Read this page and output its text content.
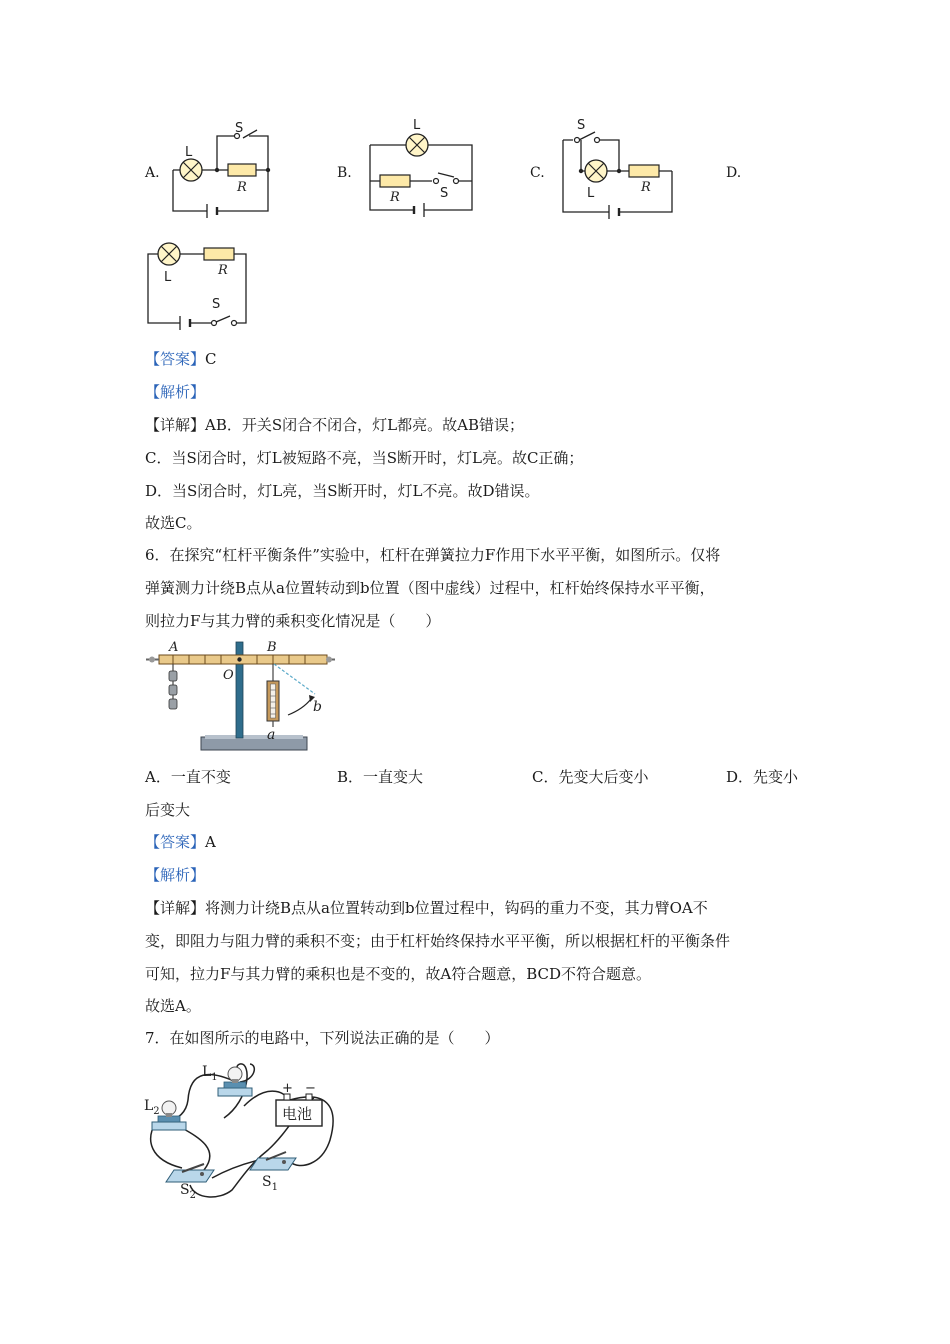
A.	B.	C.	D.
L
S
R
L
S
R
S
L	R
L	R
S
【答案】C
【解析】
【详解】AB．开关S闭合不闭合，灯L都亮。故AB错误；
C．当S闭合时，灯L被短路不亮，当S断开时，灯L亮。故C正确；
D．当S闭合时，灯L亮，当S断开时，灯L不亮。故D错误。
故选C。
6．在探究“杠杆平衡条件”实验中，杠杆在弹簧拉力F作用下水平平衡，如图所示。仅将
弹簧测力计绕B点从a位置转动到b位置（图中虚线）过程中，杠杆始终保持水平平衡，
则拉力F与其力臂的乘积变化情况是（　　）
A	B
O
a
b
A．一直不变	B．一直变大	C．先变大后变小	D．先变小
后变大
【答案】A
【解析】
【详解】将测力计绕B点从a位置转动到b位置过程中，钩码的重力不变，其力臂OA不
变，即阻力与阻力臂的乘积不变；由于杠杆始终保持水平平衡，所以根据杠杆的平衡条件
可知，拉力F与其力臂的乘积也是不变的，故A符合题意，BCD不符合题意。
故选A。
7．在如图所示的电路中，下列说法正确的是（　　）
+ −
电池
$L_1$
$L_2$
$S_2$
$S_1$
